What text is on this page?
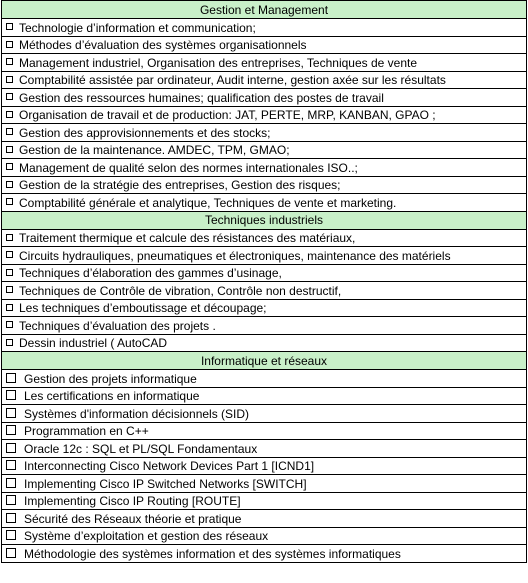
Gestion et Management
Technologie d’information et communication;
Méthodes d’évaluation des systèmes organisationnels
Management industriel, Organisation des entreprises, Techniques de vente
Comptabilité assistée par ordinateur, Audit interne, gestion axée sur les résultats
Gestion des ressources humaines; qualification des postes de travail
Organisation de travail et de production: JAT, PERTE, MRP, KANBAN, GPAO ;
Gestion des approvisionnements et des stocks;
Gestion de la maintenance. AMDEC, TPM, GMAO;
Management de qualité selon des normes internationales ISO..;
Gestion de la stratégie des entreprises, Gestion des risques;
Comptabilité générale et analytique, Techniques de vente et marketing.
Techniques industriels
Traitement thermique et calcule des résistances des matériaux,
Circuits hydrauliques, pneumatiques et électroniques, maintenance des matériels
Techniques d’élaboration des gammes d’usinage,
Techniques de Contrôle de vibration, Contrôle non destructif,
Les techniques d’emboutissage et découpage;
Techniques d’évaluation des projets .
Dessin industriel ( AutoCAD
Informatique et réseaux
Gestion des projets informatique
Les certifications en informatique
Systèmes d'information décisionnels (SID)
Programmation en C++
Oracle 12c : SQL et PL/SQL Fondamentaux
Interconnecting Cisco Network Devices Part 1 [ICND1]
Implementing Cisco IP Switched Networks [SWITCH]
Implementing Cisco IP Routing [ROUTE]
Sécurité des Réseaux théorie et pratique
Système d’exploitation et gestion des réseaux
Méthodologie des systèmes information et des systèmes informatiques
